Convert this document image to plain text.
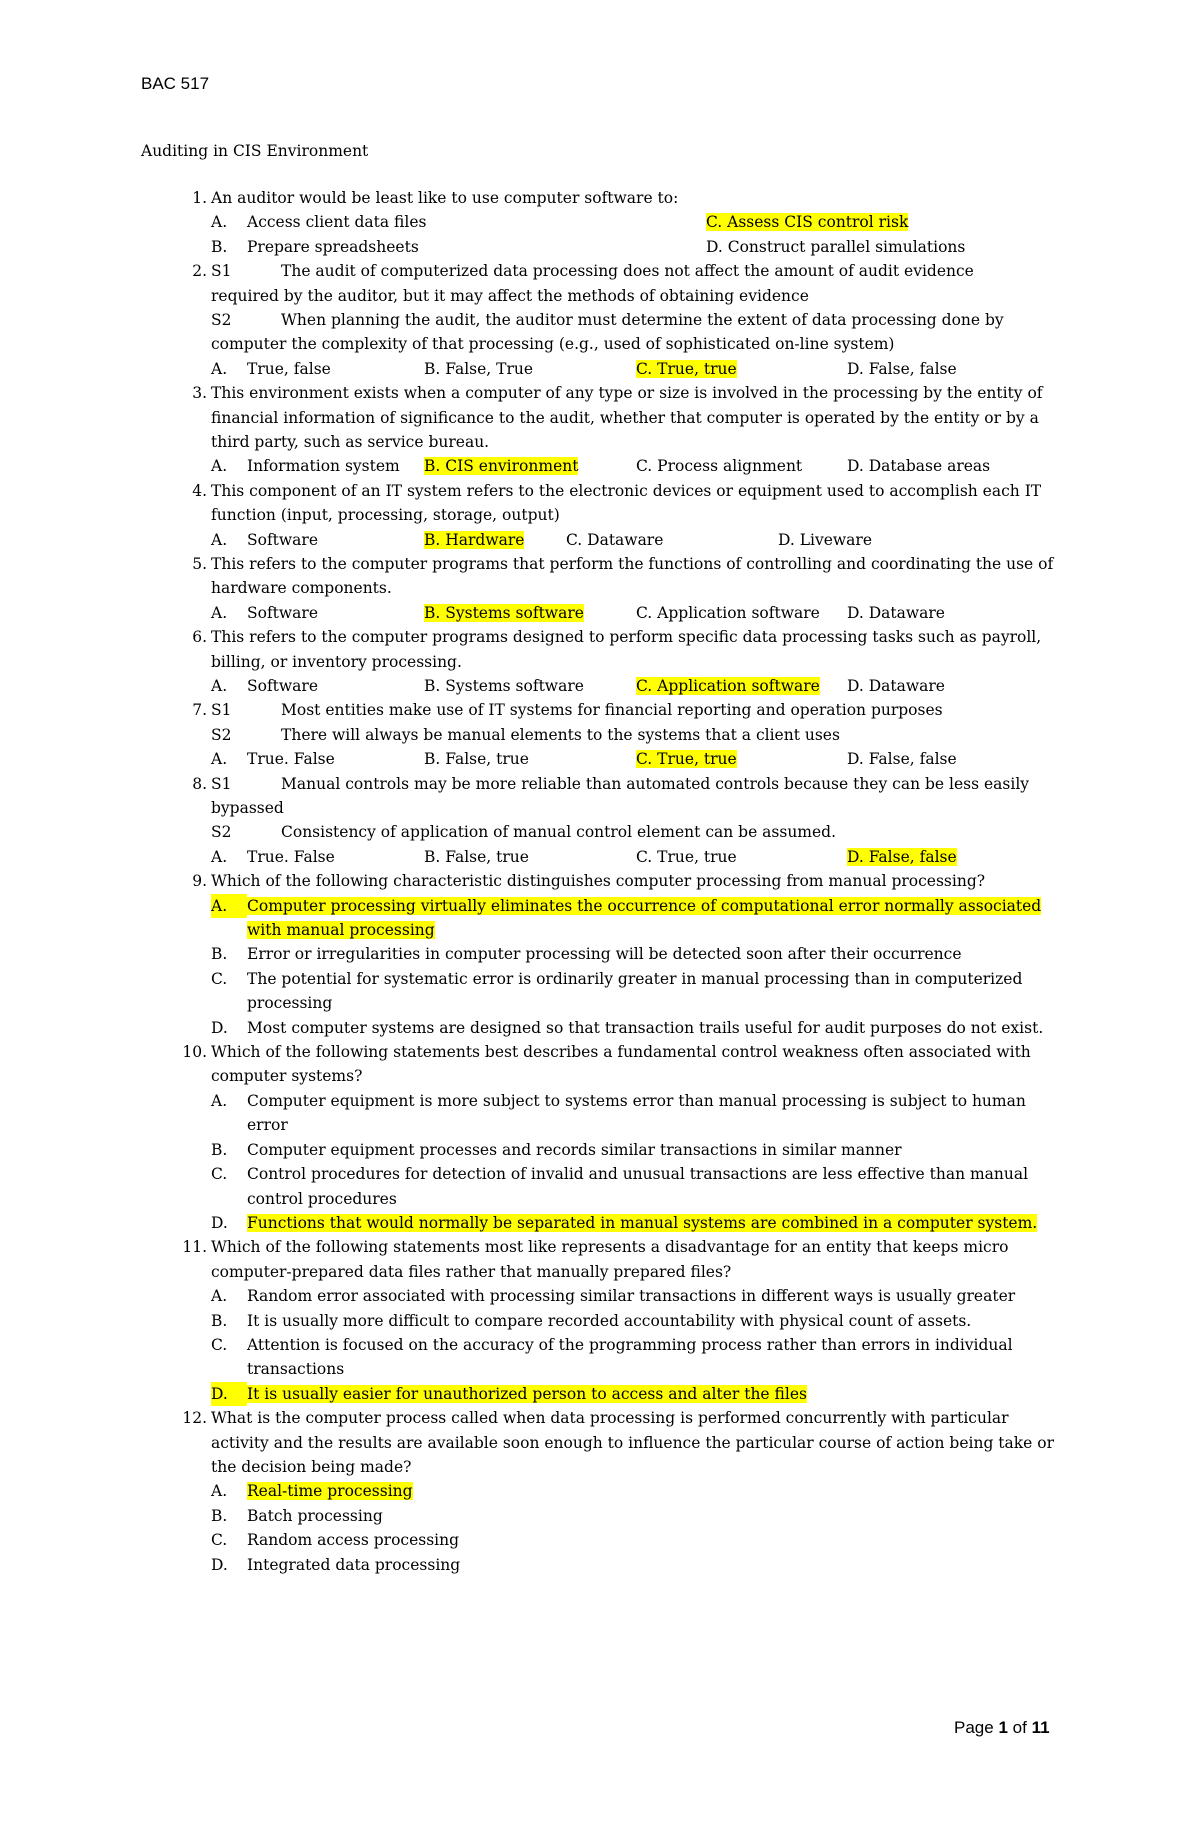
BAC 517
Auditing in CIS Environment
1. An auditor would be least like to use computer software to:
A. Access client data files	C. Assess CIS control risk
B. Prepare spreadsheets	D. Construct parallel simulations
2. S1	The audit of computerized data processing does not affect the amount of audit evidence
required by the auditor, but it may affect the methods of obtaining evidence
S2	When planning the audit, the auditor must determine the extent of data processing done by
computer the complexity of that processing (e.g., used of sophisticated on-line system)
A. True, false	B. False, True	C. True, true	D. False, false
3. This environment exists when a computer of any type or size is involved in the processing by the entity of financial information of significance to the audit, whether that computer is operated by the entity or by a third party, such as service bureau.
A. Information system B. CIS environment	C. Process alignment	D. Database areas
4. This component of an IT system refers to the electronic devices or equipment used to accomplish each IT function (input, processing, storage, output)
A. Software	B. Hardware	C. Dataware	D. Liveware
5. This refers to the computer programs that perform the functions of controlling and coordinating the use of hardware components.
A. Software	B. Systems software	C. Application software D. Dataware
6. This refers to the computer programs designed to perform specific data processing tasks such as payroll, billing, or inventory processing.
A. Software	B. Systems software	C. Application software D. Dataware
7. S1	Most entities make use of IT systems for financial reporting and operation purposes
S2	There will always be manual elements to the systems that a client uses
A. True. False	B. False, true	C. True, true	D. False, false
8. S1	Manual controls may be more reliable than automated controls because they can be less easily
bypassed
S2	Consistency of application of manual control element can be assumed.
A. True. False	B. False, true	C. True, true	D. False, false
9. Which of the following characteristic distinguishes computer processing from manual processing?
A.	Computer processing virtually eliminates the occurrence of computational error normally associated with manual processing
B.	Error or irregularities in computer processing will be detected soon after their occurrence
C.	The potential for systematic error is ordinarily greater in manual processing than in computerized processing
D.	Most computer systems are designed so that transaction trails useful for audit purposes do not exist.
10. Which of the following statements best describes a fundamental control weakness often associated with computer systems?
A.	Computer equipment is more subject to systems error than manual processing is subject to human error
B.	Computer equipment processes and records similar transactions in similar manner
C.	Control procedures for detection of invalid and unusual transactions are less effective than manual control procedures
D.	Functions that would normally be separated in manual systems are combined in a computer system.
11. Which of the following statements most like represents a disadvantage for an entity that keeps micro computer-prepared data files rather that manually prepared files?
A.	Random error associated with processing similar transactions in different ways is usually greater
B.	It is usually more difficult to compare recorded accountability with physical count of assets.
C.	Attention is focused on the accuracy of the programming process rather than errors in individual transactions
D.	It is usually easier for unauthorized person to access and alter the files
12. What is the computer process called when data processing is performed concurrently with particular activity and the results are available soon enough to influence the particular course of action being take or the decision being made?
A.	Real-time processing
B.	Batch processing
C.	Random access processing
D.	Integrated data processing
Page 1 of 11
